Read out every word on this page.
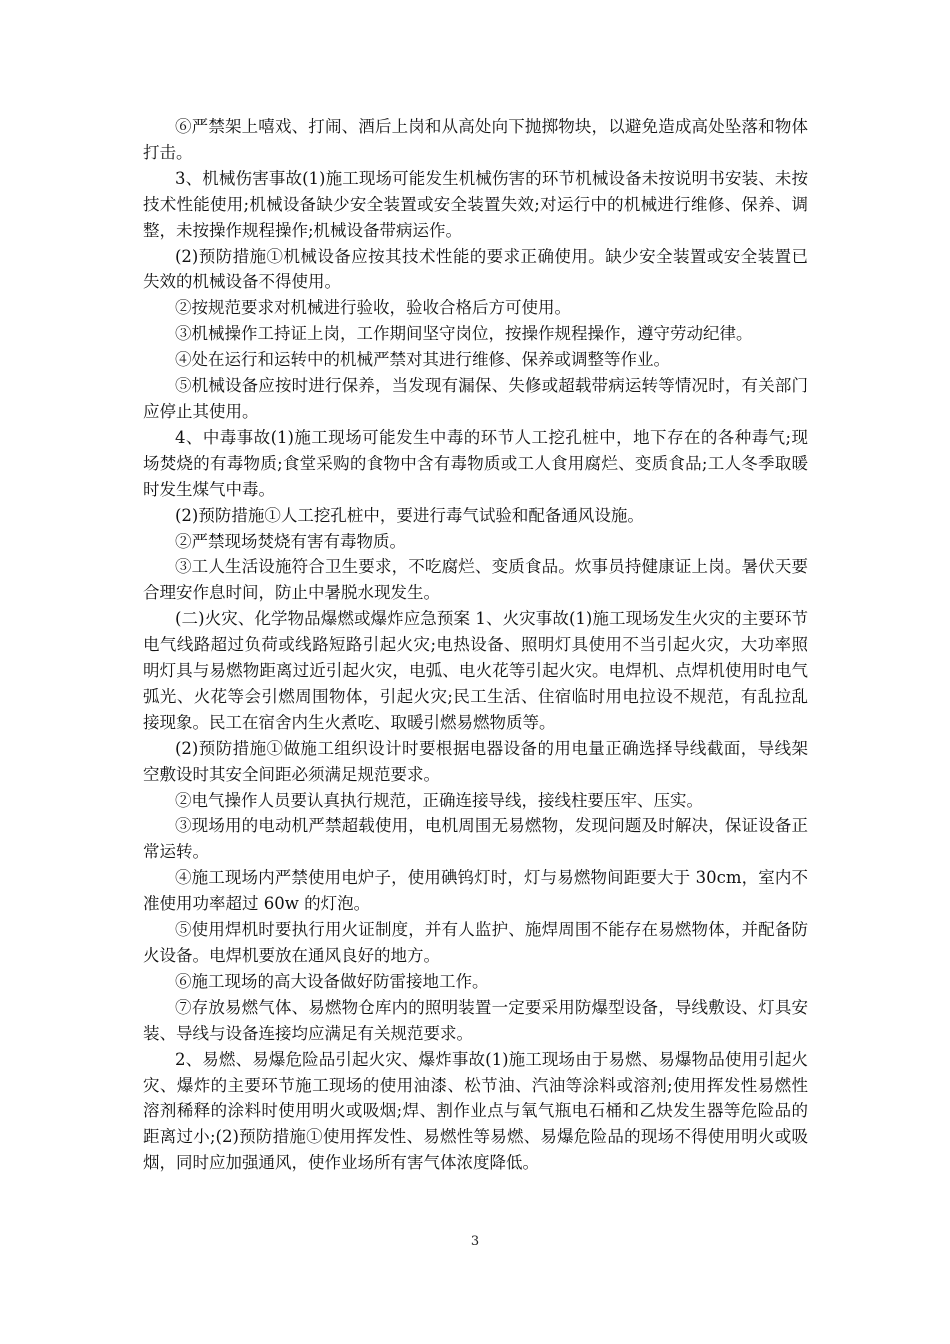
⑥严禁架上嘻戏、打闹、酒后上岗和从高处向下抛掷物块，以避免造成高处坠落和物体打击。

3、机械伤害事故(1)施工现场可能发生机械伤害的环节机械设备未按说明书安装、未按技术性能使用;机械设备缺少安全装置或安全装置失效;对运行中的机械进行维修、保养、调整，未按操作规程操作;机械设备带病运作。

(2)预防措施①机械设备应按其技术性能的要求正确使用。缺少安全装置或安全装置已失效的机械设备不得使用。

②按规范要求对机械进行验收，验收合格后方可使用。

③机械操作工持证上岗，工作期间坚守岗位，按操作规程操作，遵守劳动纪律。

④处在运行和运转中的机械严禁对其进行维修、保养或调整等作业。

⑤机械设备应按时进行保养，当发现有漏保、失修或超载带病运转等情况时，有关部门应停止其使用。

4、中毒事故(1)施工现场可能发生中毒的环节人工挖孔桩中，地下存在的各种毒气;现场焚烧的有毒物质;食堂采购的食物中含有毒物质或工人食用腐烂、变质食品;工人冬季取暖时发生煤气中毒。

(2)预防措施①人工挖孔桩中，要进行毒气试验和配备通风设施。

②严禁现场焚烧有害有毒物质。

③工人生活设施符合卫生要求，不吃腐烂、变质食品。炊事员持健康证上岗。暑伏天要合理安作息时间，防止中暑脱水现发生。

(二)火灾、化学物品爆燃或爆炸应急预案 1、火灾事故(1)施工现场发生火灾的主要环节电气线路超过负荷或线路短路引起火灾;电热设备、照明灯具使用不当引起火灾，大功率照明灯具与易燃物距离过近引起火灾，电弧、电火花等引起火灾。电焊机、点焊机使用时电气弧光、火花等会引燃周围物体，引起火灾;民工生活、住宿临时用电拉设不规范，有乱拉乱接现象。民工在宿舍内生火煮吃、取暖引燃易燃物质等。

(2)预防措施①做施工组织设计时要根据电器设备的用电量正确选择导线截面，导线架空敷设时其安全间距必须满足规范要求。

②电气操作人员要认真执行规范，正确连接导线，接线柱要压牢、压实。

③现场用的电动机严禁超载使用，电机周围无易燃物，发现问题及时解决，保证设备正常运转。

④施工现场内严禁使用电炉子，使用碘钨灯时，灯与易燃物间距要大于 30cm，室内不准使用功率超过 60w 的灯泡。

⑤使用焊机时要执行用火证制度，并有人监护、施焊周围不能存在易燃物体，并配备防火设备。电焊机要放在通风良好的地方。

⑥施工现场的高大设备做好防雷接地工作。

⑦存放易燃气体、易燃物仓库内的照明装置一定要采用防爆型设备，导线敷设、灯具安装、导线与设备连接均应满足有关规范要求。

2、易燃、易爆危险品引起火灾、爆炸事故(1)施工现场由于易燃、易爆物品使用引起火灾、爆炸的主要环节施工现场的使用油漆、松节油、汽油等涂料或溶剂;使用挥发性易燃性溶剂稀释的涂料时使用明火或吸烟;焊、割作业点与氧气瓶电石桶和乙炔发生器等危险品的距离过小;(2)预防措施①使用挥发性、易燃性等易燃、易爆危险品的现场不得使用明火或吸烟，同时应加强通风，使作业场所有害气体浓度降低。

3
